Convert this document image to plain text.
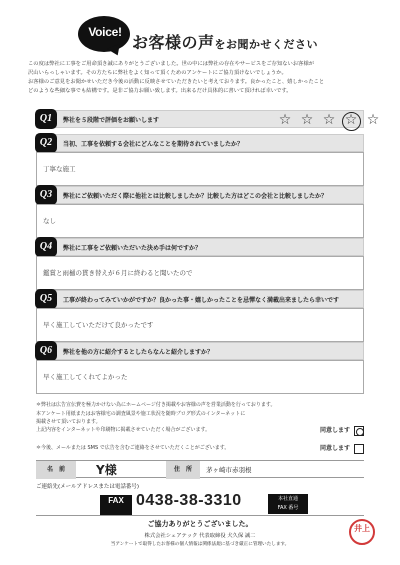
Voice!
お客様の声をお聞かせください
この度は弊社に工事をご用命頂き誠にありがとうございました。世の中には弊社の存在やサービスをご存知ないお客様が
沢山いらっしゃいます。その方たちに弊社をよく知って頂くためのアンケートにご協力頂けないでしょうか。
お客様のご意見をお聞かせいただき今後の活動に反映させていただきたいと考えております。良かったこと、嬉しかったこと
どのような些細な事でも結構です。是非ご協力お願い致します。出来るだけ具体的に書いて頂ければ幸いです。
Q1	弊社を５段階で評価をお願いします	☆ ☆ ☆ ☆ ☆
Q2	当初、工事を依頼する会社にどんなことを期待されていましたか？
丁寧な施工
Q3	弊社にご依頼いただく際に他社とは比較しましたか？比較した方はどこの会社と比較しましたか？
なし
Q4	弊社に工事をご依頼いただいた決め手は何ですか？
鑑賞と雨樋の貫き替えが６月に終わると聞いたので
Q5	工事が終わってみていかがですか？良かった事・嬉しかったことを忌憚なく満載出来ましたら幸いです
早く施工していただけて良かったです
Q6	弊社を他の方に紹介するとしたらなんと紹介しますか？
早く施工してくれてよかった
＊弊社は広告宣伝費を極力かけない為にホームページ付き掲載やお客様の声を営業活動を行っております。
本アンケート用紙またはお客様宅の調査風景や施工状況を随時ブログ形式のインターネットに
掲載させて頂いております。
上記内容をインターネットや印刷物に掲載させていただく場合がございます。	同意します
＊今後、メールまたは SMS で広告を含むご連絡をさせていただくことがございます。	同意します
名　前	Y様	住　所	茅ヶ崎市赤羽根
ご連絡先(メールアドレスまたは電話番号)
FAX 0438-38-3310	本社直通
FAX 番号
ご協力ありがとうございました。
株式会社シェアテック 代表取締役 犬久保 誠二
当アンケートで取得したお客様の個人情報は関係法規に基づき厳正に管理いたします。
井上
